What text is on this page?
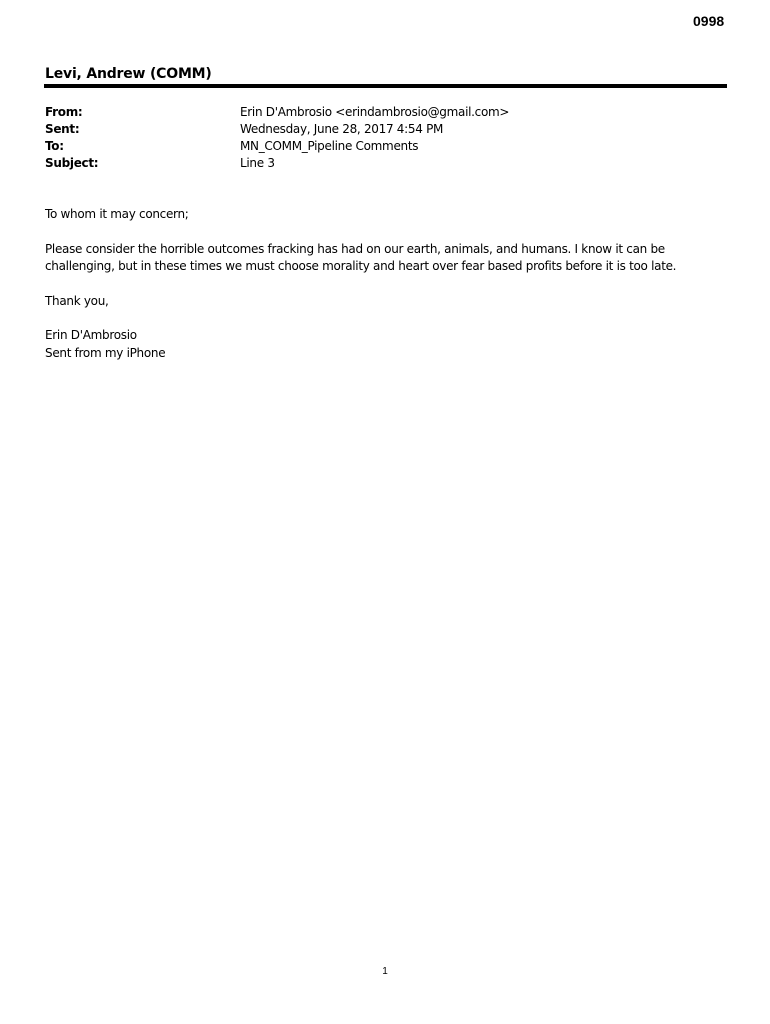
0998
Levi, Andrew (COMM)
From:	Erin D'Ambrosio <erindambrosio@gmail.com>
Sent:	Wednesday, June 28, 2017 4:54 PM
To:	MN_COMM_Pipeline Comments
Subject:	Line 3

To whom it may concern;

Please consider the horrible outcomes fracking has had on our earth, animals, and humans. I know it can be challenging, but in these times we must choose morality and heart over fear based profits before it is too late.

Thank you,

Erin D'Ambrosio

Sent from my iPhone

1
